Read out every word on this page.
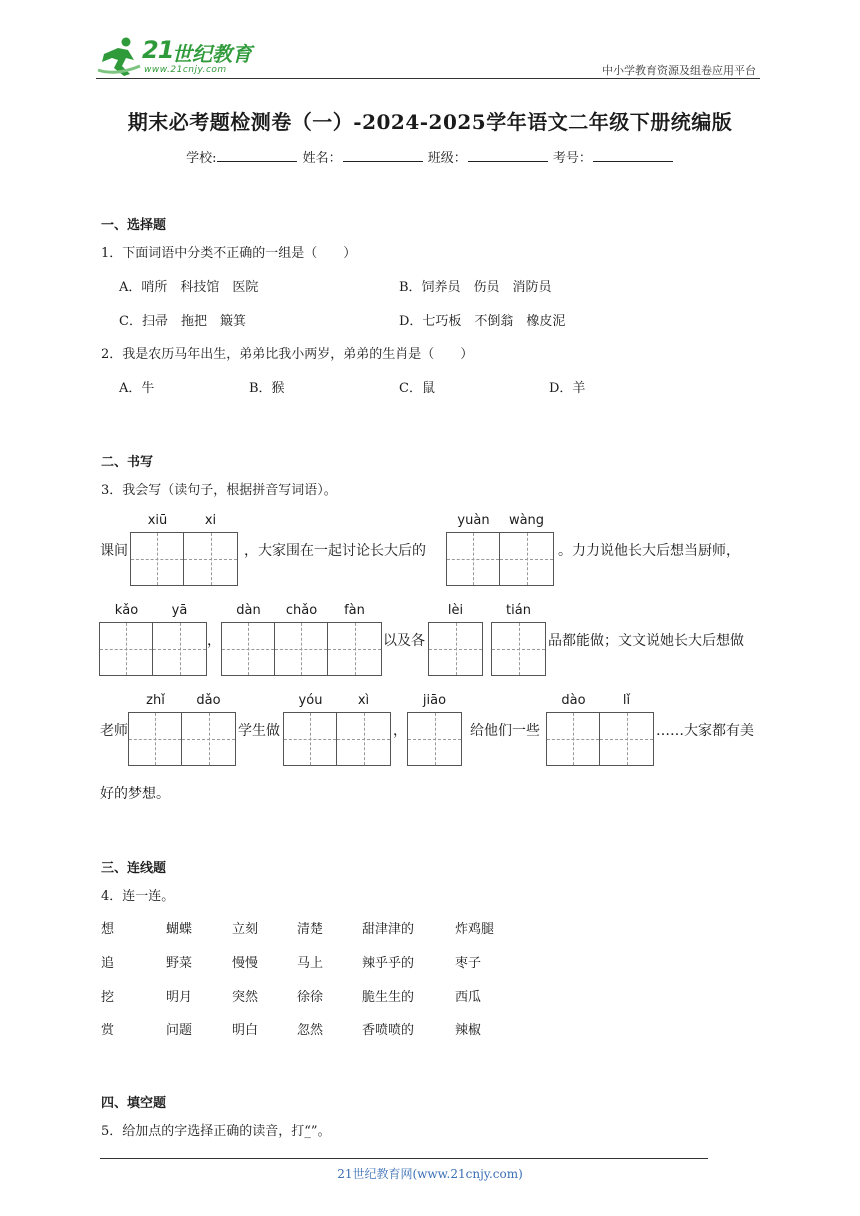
21
世纪教育
www.21cnjy.com	中小学教育资源及组卷应用平台
期末必考题检测卷（一）-2024-2025学年语文二年级下册统编版
学校:	姓名：	班级：	考号：
一、选择题
1．下面词语中分类不正确的一组是（　　）
A．哨所　科技馆　医院	B．饲养员　伤员　消防员
C．扫帚　拖把　簸箕	D．七巧板　不倒翁　橡皮泥
2．我是农历马年出生，弟弟比我小两岁，弟弟的生肖是（　　）
A．牛	B．猴	C．鼠	D．羊
二、书写
3．我会写（读句子，根据拼音写词语）。
课间
xiū	xi
，大家围在一起讨论长大后的
yuàn	wàng
。力力说他长大后想当厨师，
kǎo	yā
，
dàn	chǎo	fàn
以及各
lèi	tián
品都能做；文文说她长大后想做
老师
zhǐ	dǎo
学生做
yóu	xì
，
jiāo
给他们一些
dào	lǐ
……大家都有美
好的梦想。
三、连线题
4．连一连。
想	蝴蝶	立刻	清楚	甜津津的	炸鸡腿
追	野菜	慢慢	马上	辣乎乎的	枣子
挖	明月	突然	徐徐	脆生生的	西瓜
赏	问题	明白	忽然	香喷喷的	辣椒
四、填空题
5．给加点的字选择正确的读音，打“̲”。
21世纪教育网(www.21cnjy.com)
